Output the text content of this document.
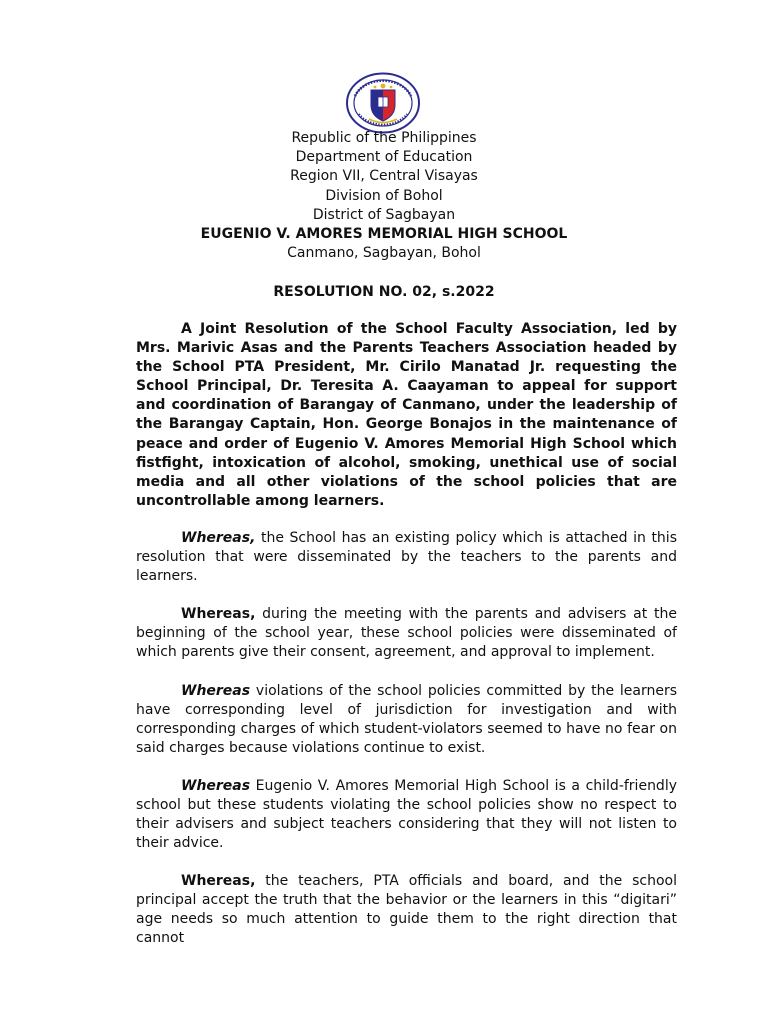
Republic of the Philippines
Department of Education
Region VII, Central Visayas
Division of Bohol
District of Sagbayan
EUGENIO V. AMORES MEMORIAL HIGH SCHOOL
Canmano, Sagbayan, Bohol
RESOLUTION NO. 02, s.2022
A Joint Resolution of the School Faculty Association, led by Mrs. Marivic Asas and the Parents Teachers Association headed by the School PTA President, Mr. Cirilo Manatad Jr. requesting the School Principal, Dr. Teresita A. Caayaman to appeal for support and coordination of Barangay of Canmano, under the leadership of the Barangay Captain, Hon. George Bonajos in the maintenance of peace and order of Eugenio V. Amores Memorial High School which fistfight, intoxication of alcohol, smoking, unethical use of social media and all other violations of the school policies that are uncontrollable among learners.
Whereas, the School has an existing policy which is attached in this resolution that were disseminated by the teachers to the parents and learners.
Whereas, during the meeting with the parents and advisers at the beginning of the school year, these school policies were disseminated of which parents give their consent, agreement, and approval to implement.
Whereas violations of the school policies committed by the learners have corresponding level of jurisdiction for investigation and with corresponding charges of which student-violators seemed to have no fear on said charges because violations continue to exist.
Whereas Eugenio V. Amores Memorial High School is a child-friendly school but these students violating the school policies show no respect to their advisers and subject teachers considering that they will not listen to their advice.
Whereas, the teachers, PTA officials and board, and the school principal accept the truth that the behavior or the learners in this “digitari” age needs so much attention to guide them to the right direction that cannot
